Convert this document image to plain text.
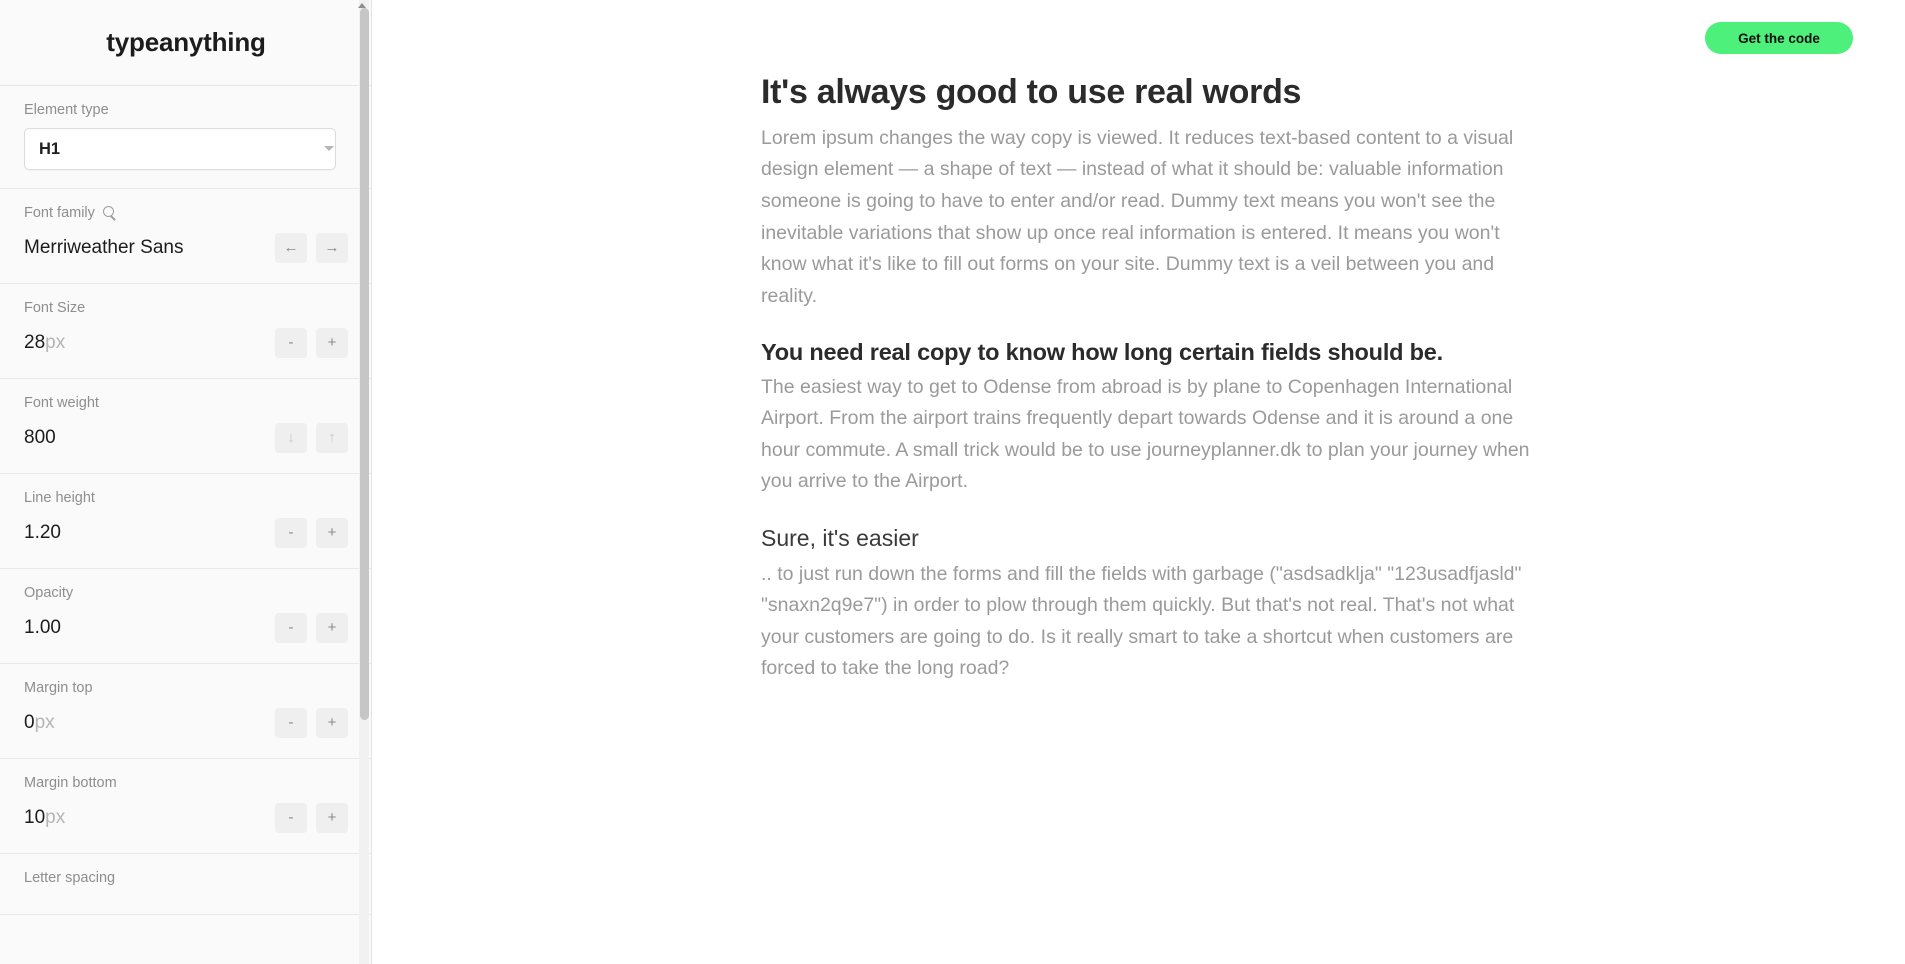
typeanything
Element type
H1
Font family
Merriweather Sans	←	→
Font Size
28px	-	+
Font weight
800	↓	↑
Line height
1.20	-	+
Opacity
1.00	-	+
Margin top
0px	-	+
Margin bottom
10px	-	+
Letter spacing
Get the code
It's always good to use real words

Lorem ipsum changes the way copy is viewed. It reduces text-based content to a visual design element — a shape of text — instead of what it should be: valuable information someone is going to have to enter and/or read. Dummy text means you won't see the inevitable variations that show up once real information is entered. It means you won't know what it's like to fill out forms on your site. Dummy text is a veil between you and reality.

You need real copy to know how long certain fields should be.

The easiest way to get to Odense from abroad is by plane to Copenhagen International Airport. From the airport trains frequently depart towards Odense and it is around a one hour commute. A small trick would be to use journeyplanner.dk to plan your journey when you arrive to the Airport.

Sure, it's easier

.. to just run down the forms and fill the fields with garbage ("asdsadklja" "123usadfjasld" "snaxn2q9e7") in order to plow through them quickly. But that's not real. That's not what your customers are going to do. Is it really smart to take a shortcut when customers are forced to take the long road?
